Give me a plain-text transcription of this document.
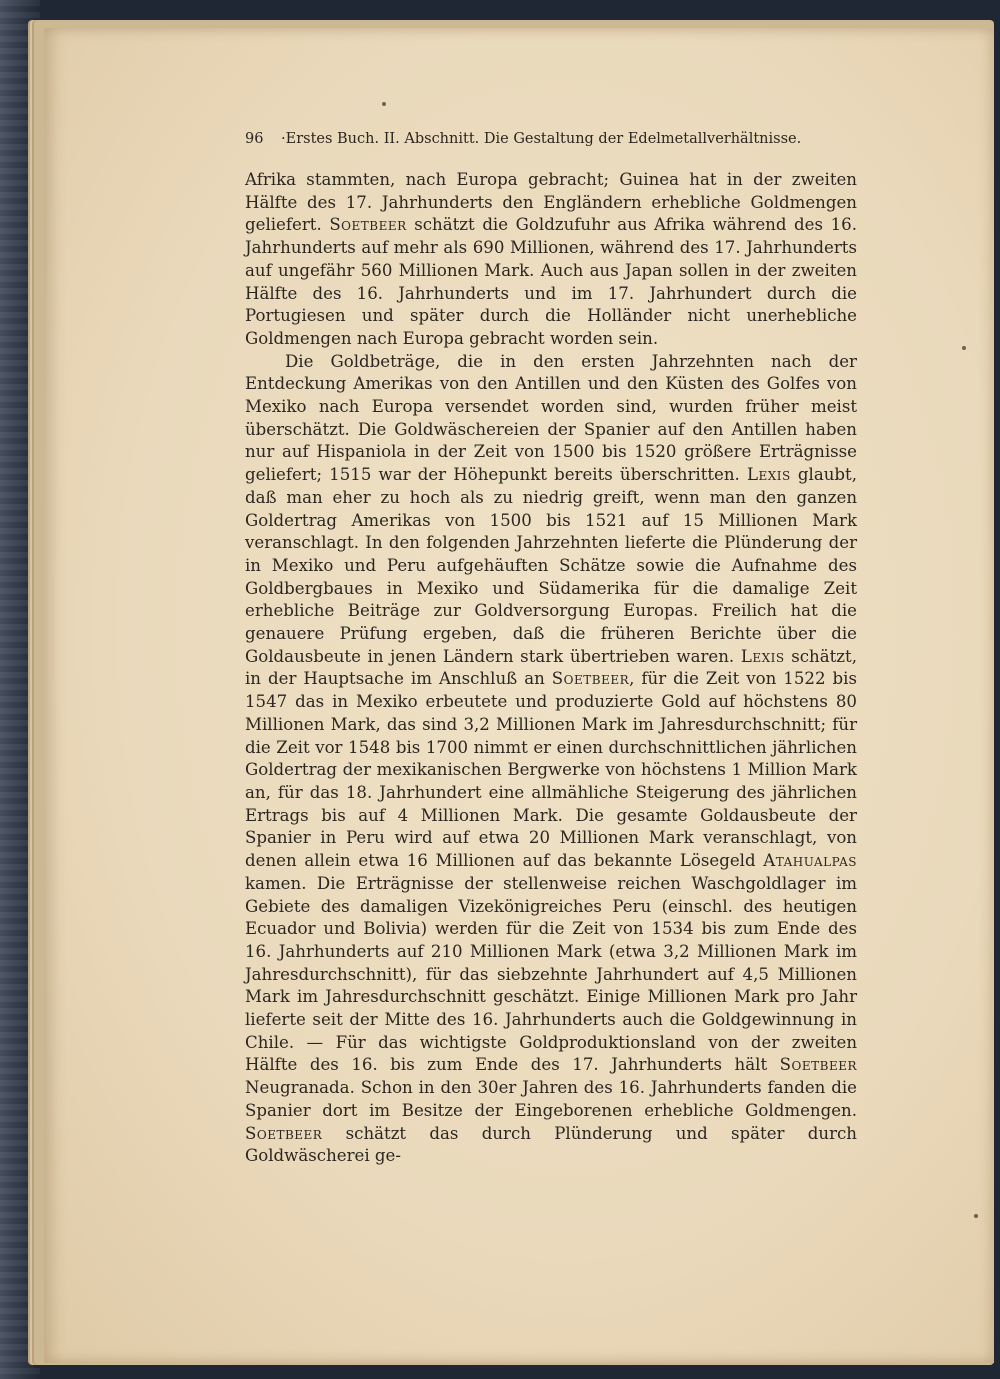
96 ·Erstes Buch. II. Abschnitt. Die Gestaltung der Edelmetallverhältnisse.

Afrika stammten, nach Europa gebracht; Guinea hat in der zweiten Hälfte des 17. Jahrhunderts den Engländern erhebliche Goldmengen geliefert. Soetbeer schätzt die Goldzufuhr aus Afrika während des 16. Jahrhunderts auf mehr als 690 Millionen, während des 17. Jahrhunderts auf ungefähr 560 Millionen Mark. Auch aus Japan sollen in der zweiten Hälfte des 16. Jahrhunderts und im 17. Jahrhundert durch die Portugiesen und später durch die Holländer nicht unerhebliche Goldmengen nach Europa gebracht worden sein.

Die Goldbeträge, die in den ersten Jahrzehnten nach der Entdeckung Amerikas von den Antillen und den Küsten des Golfes von Mexiko nach Europa versendet worden sind, wurden früher meist überschätzt. Die Goldwäschereien der Spanier auf den Antillen haben nur auf Hispaniola in der Zeit von 1500 bis 1520 größere Erträgnisse geliefert; 1515 war der Höhepunkt bereits überschritten. Lexis glaubt, daß man eher zu hoch als zu niedrig greift, wenn man den ganzen Goldertrag Amerikas von 1500 bis 1521 auf 15 Millionen Mark veranschlagt. In den folgenden Jahrzehnten lieferte die Plünderung der in Mexiko und Peru aufgehäuften Schätze sowie die Aufnahme des Goldbergbaues in Mexiko und Südamerika für die damalige Zeit erhebliche Beiträge zur Goldversorgung Europas. Freilich hat die genauere Prüfung ergeben, daß die früheren Berichte über die Goldausbeute in jenen Ländern stark übertrieben waren. Lexis schätzt, in der Hauptsache im Anschluß an Soetbeer, für die Zeit von 1522 bis 1547 das in Mexiko erbeutete und produzierte Gold auf höchstens 80 Millionen Mark, das sind 3,2 Millionen Mark im Jahresdurchschnitt; für die Zeit vor 1548 bis 1700 nimmt er einen durchschnittlichen jährlichen Goldertrag der mexikanischen Bergwerke von höchstens 1 Million Mark an, für das 18. Jahrhundert eine allmähliche Steigerung des jährlichen Ertrags bis auf 4 Millionen Mark. Die gesamte Goldausbeute der Spanier in Peru wird auf etwa 20 Millionen Mark veranschlagt, von denen allein etwa 16 Millionen auf das bekannte Lösegeld Atahualpas kamen. Die Erträgnisse der stellenweise reichen Waschgoldlager im Gebiete des damaligen Vizekönigreiches Peru (einschl. des heutigen Ecuador und Bolivia) werden für die Zeit von 1534 bis zum Ende des 16. Jahrhunderts auf 210 Millionen Mark (etwa 3,2 Millionen Mark im Jahresdurchschnitt), für das siebzehnte Jahrhundert auf 4,5 Millionen Mark im Jahresdurchschnitt geschätzt. Einige Millionen Mark pro Jahr lieferte seit der Mitte des 16. Jahrhunderts auch die Goldgewinnung in Chile. — Für das wichtigste Goldproduktionsland von der zweiten Hälfte des 16. bis zum Ende des 17. Jahrhunderts hält Soetbeer Neugranada. Schon in den 30er Jahren des 16. Jahrhunderts fanden die Spanier dort im Besitze der Eingeborenen erhebliche Goldmengen. Soetbeer schätzt das durch Plünderung und später durch Goldwäscherei ge-
